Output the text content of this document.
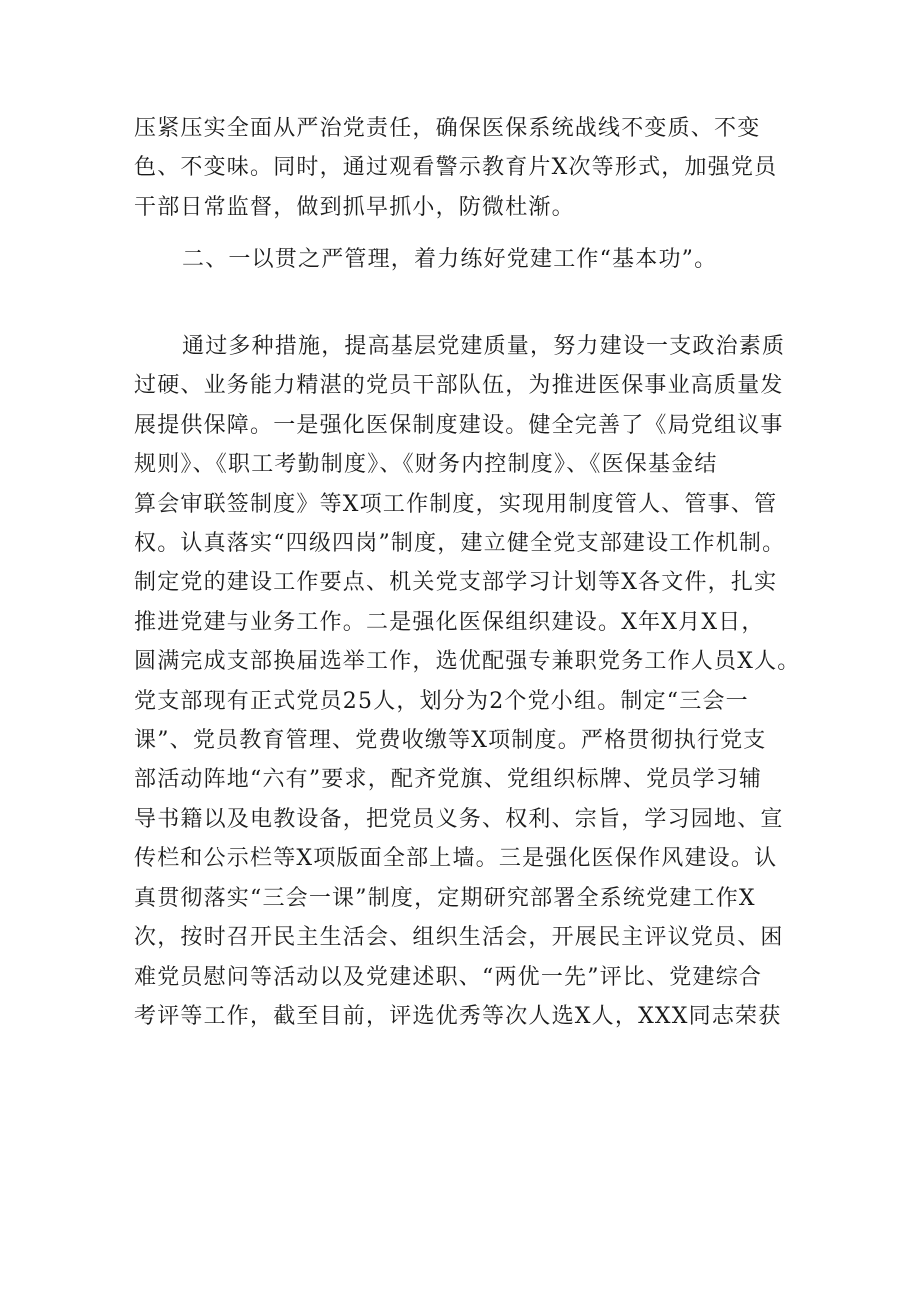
压紧压实全面从严治党责任，确保医保系统战线不变质、不变
色、不变味。同时，通过观看警示教育片X次等形式，加强党员
干部日常监督，做到抓早抓小，防微杜渐。

二、一以贯之严管理，着力练好党建工作“基本功”。

通过多种措施，提高基层党建质量，努力建设一支政治素质
过硬、业务能力精湛的党员干部队伍，为推进医保事业高质量发
展提供保障。一是强化医保制度建设。健全完善了《局党组议事
规则》、《职工考勤制度》、《财务内控制度》、《医保基金结
算会审联签制度》等X项工作制度，实现用制度管人、管事、管
权。认真落实“四级四岗”制度，建立健全党支部建设工作机制。
制定党的建设工作要点、机关党支部学习计划等X各文件，扎实
推进党建与业务工作。二是强化医保组织建设。X年X月X日，
圆满完成支部换届选举工作，选优配强专兼职党务工作人员X人。
党支部现有正式党员25人，划分为2个党小组。制定“三会一
课”、党员教育管理、党费收缴等X项制度。严格贯彻执行党支
部活动阵地“六有”要求，配齐党旗、党组织标牌、党员学习辅
导书籍以及电教设备，把党员义务、权利、宗旨，学习园地、宣
传栏和公示栏等X项版面全部上墙。三是强化医保作风建设。认
真贯彻落实“三会一课”制度，定期研究部署全系统党建工作X
次，按时召开民主生活会、组织生活会，开展民主评议党员、困
难党员慰问等活动以及党建述职、“两优一先”评比、党建综合
考评等工作，截至目前，评选优秀等次人选X人，XXX同志荣获
